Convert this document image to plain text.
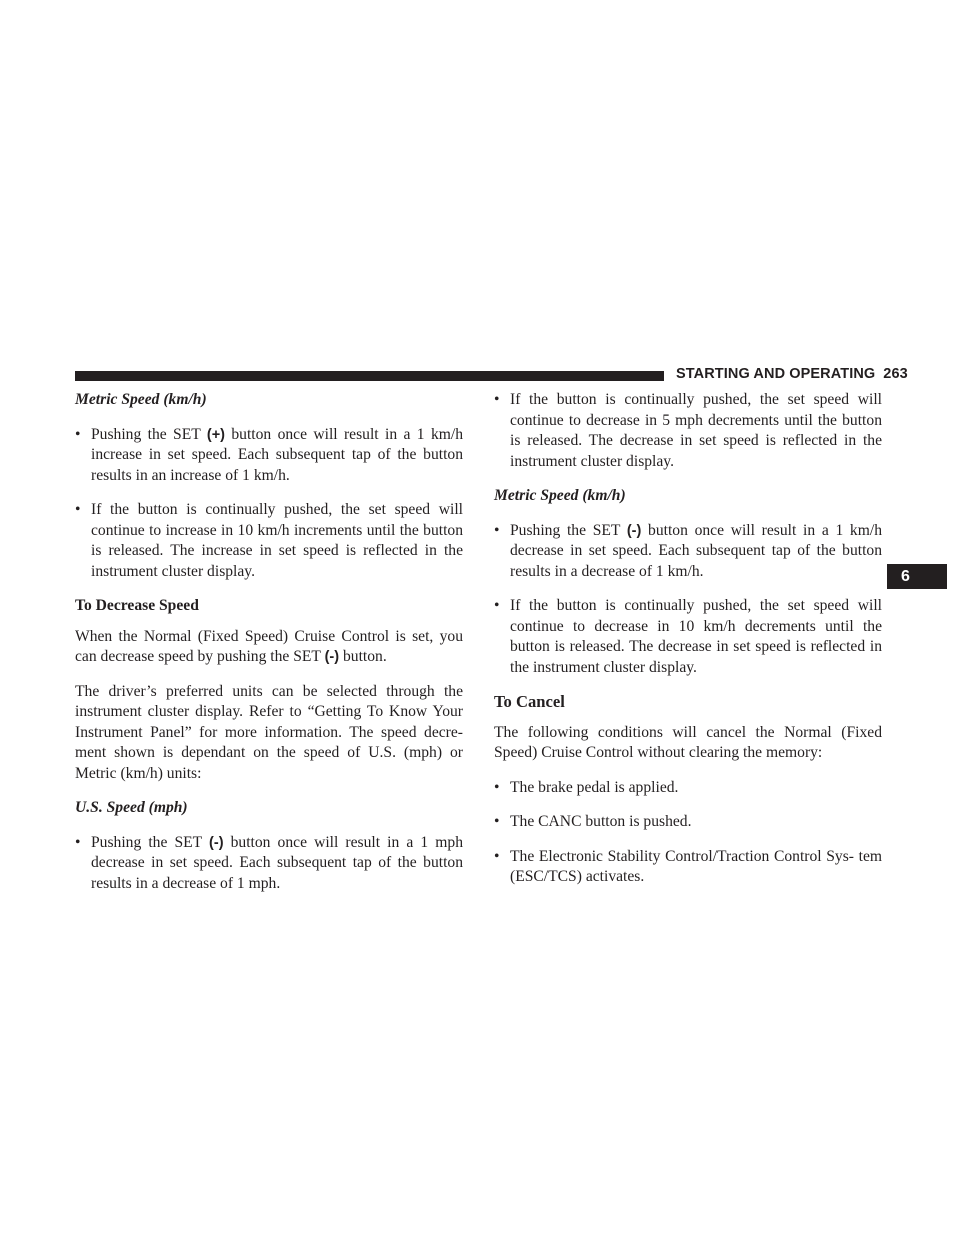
STARTING AND OPERATING 263

Metric Speed (km/h)

• Pushing the SET (+) button once will result in a 1 km/h increase in set speed. Each subsequent tap of the button results in an increase of 1 km/h.
• If the button is continually pushed, the set speed will continue to increase in 10 km/h increments until the button is released. The increase in set speed is reflected in the instrument cluster display.

To Decrease Speed

When the Normal (Fixed Speed) Cruise Control is set, you can decrease speed by pushing the SET (-) button.

The driver’s preferred units can be selected through the instrument cluster display. Refer to “Getting To Know Your Instrument Panel” for more information. The speed decre- ment shown is dependant on the speed of U.S. (mph) or Metric (km/h) units:

U.S. Speed (mph)

• Pushing the SET (-) button once will result in a 1 mph decrease in set speed. Each subsequent tap of the button results in a decrease of 1 mph.
• If the button is continually pushed, the set speed will continue to decrease in 5 mph decrements until the button is released. The decrease in set speed is reflected in the instrument cluster display.

Metric Speed (km/h)

• Pushing the SET (-) button once will result in a 1 km/h decrease in set speed. Each subsequent tap of the button results in a decrease of 1 km/h.
• If the button is continually pushed, the set speed will continue to decrease in 10 km/h decrements until the button is released. The decrease in set speed is reflected in the instrument cluster display.

To Cancel

The following conditions will cancel the Normal (Fixed Speed) Cruise Control without clearing the memory:

• The brake pedal is applied.
• The CANC button is pushed.
• The Electronic Stability Control/Traction Control Sys- tem (ESC/TCS) activates.
6
